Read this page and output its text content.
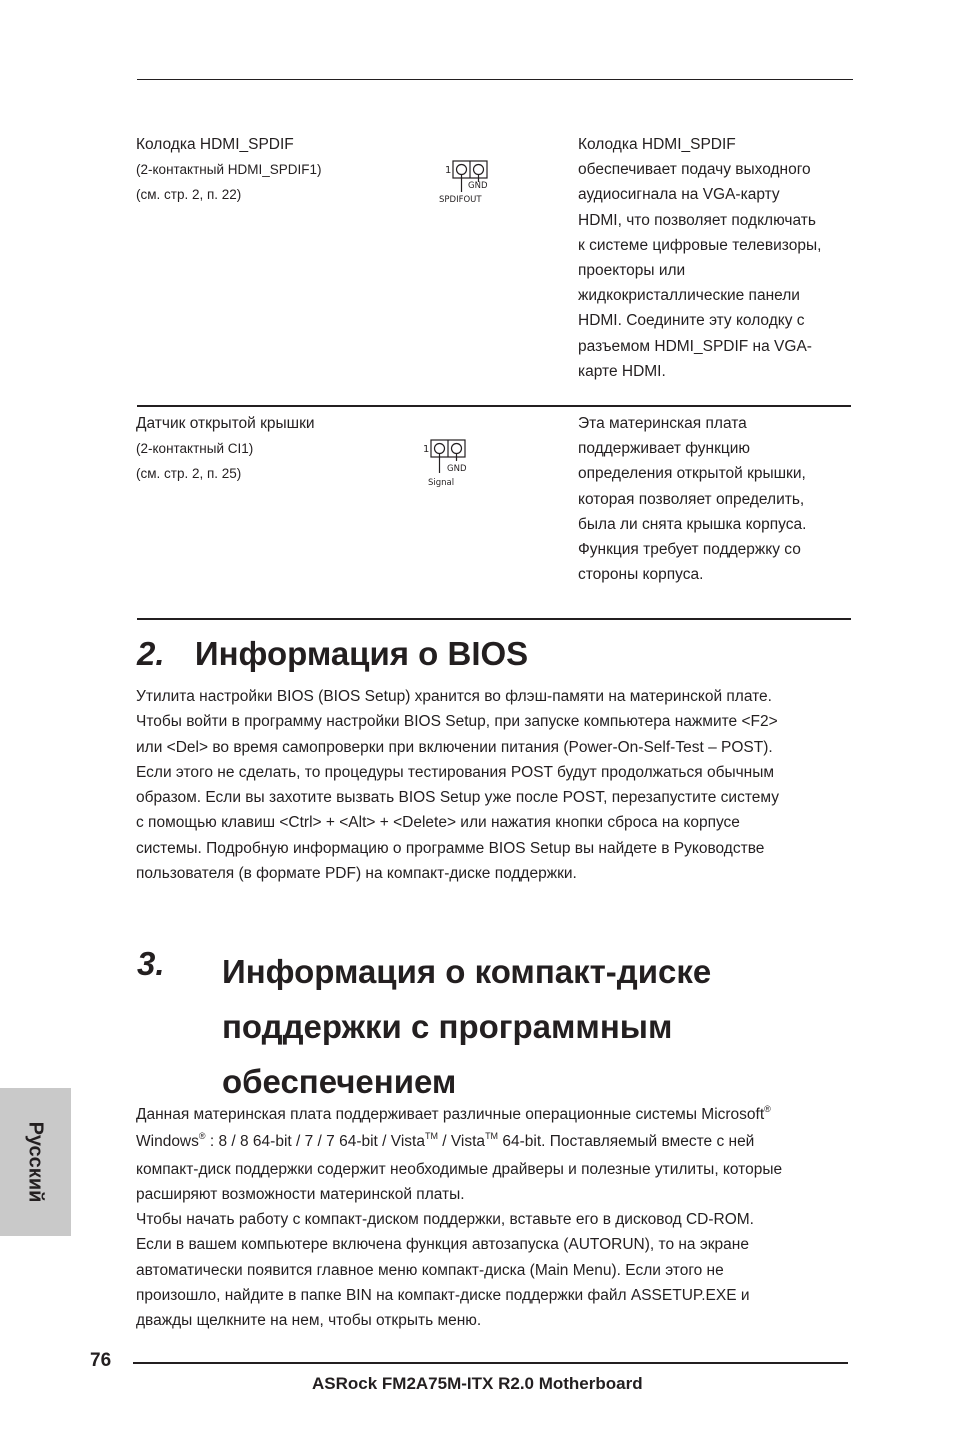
Колодка HDMI_SPDIF
(2-контактный HDMI_SPDIF1)
(см. стр. 2, п. 22)
1
GND
SPDIFOUT
Колодка HDMI_SPDIF
обеспечивает подачу выходного
аудиосигнала на VGA-карту
HDMI, что позволяет подключать
к системе цифровые телевизоры,
проекторы или
жидкокристаллические панели
HDMI. Соедините эту колодку с
разъемом HDMI_SPDIF на VGA-
карте HDMI.
Датчик открытой крышки
(2-контактный CI1)
(см. стр. 2, п. 25)
1
GND
Signal
Эта материнская плата
поддерживает функцию
определения открытой крышки,
которая позволяет определить,
была ли снята крышка корпуса.
Функция требует поддержку со
стороны корпуса.
2. Информация о BIOS
Утилита настройки BIOS (BIOS Setup) хранится во флэш-памяти на материнской плате.
Чтобы войти в программу настройки BIOS Setup, при запуске компьютера нажмите <F2>
или <Del> во время самопроверки при включении питания (Power-On-Self-Test – POST).
Если этого не сделать, то процедуры тестирования POST будут продолжаться обычным
образом. Если вы захотите вызвать BIOS Setup уже после POST, перезапустите систему
с помощью клавиш <Ctrl> + <Alt> + <Delete> или нажатия кнопки сброса на корпусе
системы. Подробную информацию о программе BIOS Setup вы найдете в Руководстве
пользователя (в формате PDF) на компакт-диске поддержки.
3. Информация о компакт-диске
поддержки с программным
обеспечением
Данная материнская плата поддерживает различные операционные системы Microsoft®
Windows® : 8 / 8 64-bit / 7 / 7 64-bit / Vista™ / Vista™ 64-bit. Поставляемый вместе с ней
компакт-диск поддержки содержит необходимые драйверы и полезные утилиты, которые
расширяют возможности материнской платы.
Чтобы начать работу с компакт-диском поддержки, вставьте его в дисковод CD-ROM.
Если в вашем компьютере включена функция автозапуска (AUTORUN), то на экране
автоматически появится главное меню компакт-диска (Main Menu). Если этого не
произошло, найдите в папке BIN на компакт-диске поддержки файл ASSETUP.EXE и
дважды щелкните на нем, чтобы открыть меню.
Русский
76
ASRock FM2A75M-ITX R2.0 Motherboard
